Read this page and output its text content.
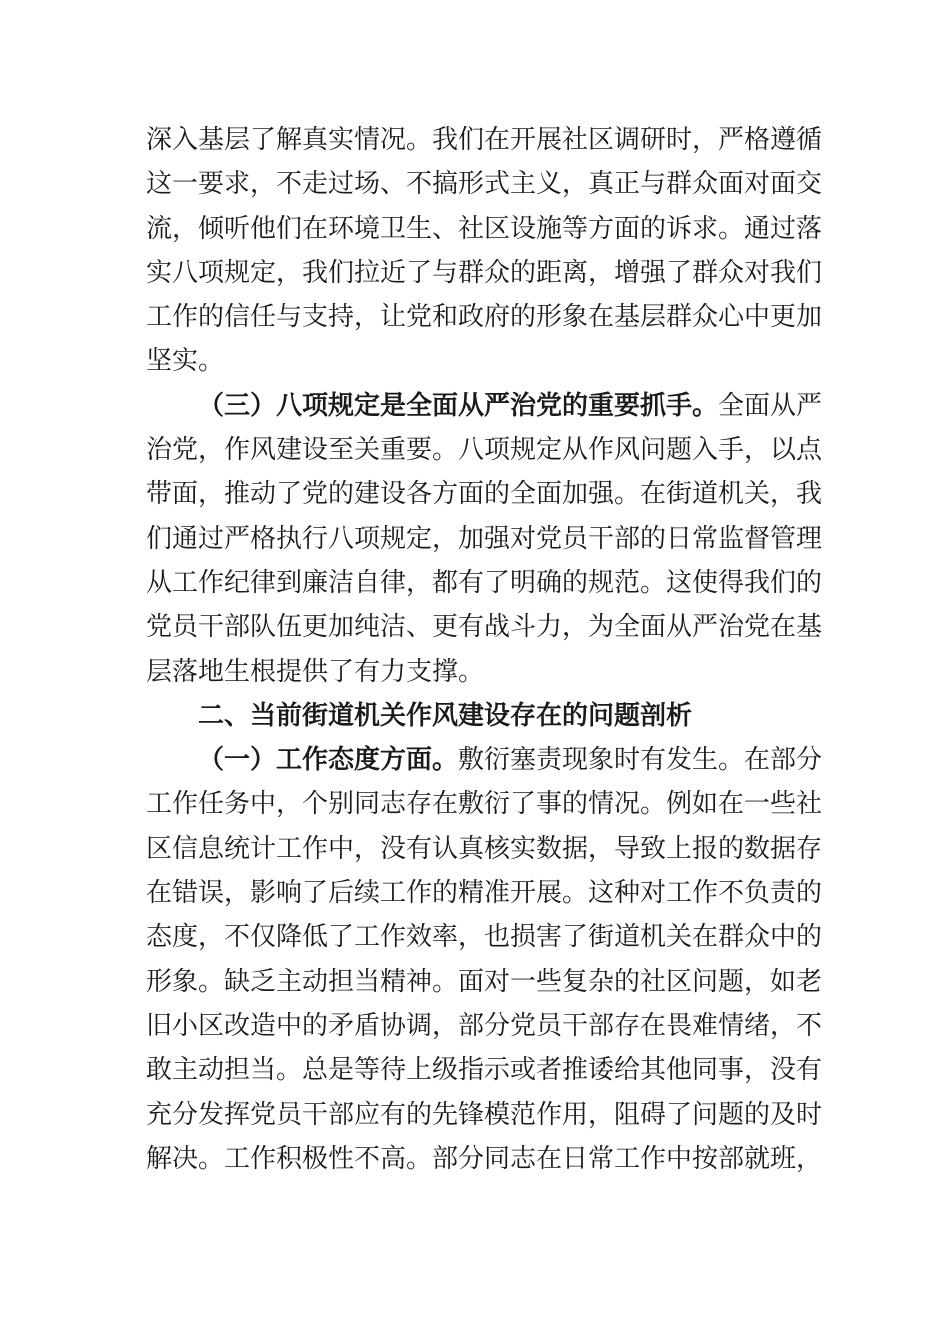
深入基层了解真实情况。我们在开展社区调研时，严格遵循
这一要求，不走过场、不搞形式主义，真正与群众面对面交
流，倾听他们在环境卫生、社区设施等方面的诉求。通过落
实八项规定，我们拉近了与群众的距离，增强了群众对我们
工作的信任与支持，让党和政府的形象在基层群众心中更加
坚实。
（三）八项规定是全面从严治党的重要抓手。全面从严
治党，作风建设至关重要。八项规定从作风问题入手，以点
带面，推动了党的建设各方面的全面加强。在街道机关，我
们通过严格执行八项规定，加强对党员干部的日常监督管理
从工作纪律到廉洁自律，都有了明确的规范。这使得我们的
党员干部队伍更加纯洁、更有战斗力，为全面从严治党在基
层落地生根提供了有力支撑。
二、当前街道机关作风建设存在的问题剖析
（一）工作态度方面。敷衍塞责现象时有发生。在部分
工作任务中，个别同志存在敷衍了事的情况。例如在一些社
区信息统计工作中，没有认真核实数据，导致上报的数据存
在错误，影响了后续工作的精准开展。这种对工作不负责的
态度，不仅降低了工作效率，也损害了街道机关在群众中的
形象。缺乏主动担当精神。面对一些复杂的社区问题，如老
旧小区改造中的矛盾协调，部分党员干部存在畏难情绪，不
敢主动担当。总是等待上级指示或者推诿给其他同事，没有
充分发挥党员干部应有的先锋模范作用，阻碍了问题的及时
解决。工作积极性不高。部分同志在日常工作中按部就班，
